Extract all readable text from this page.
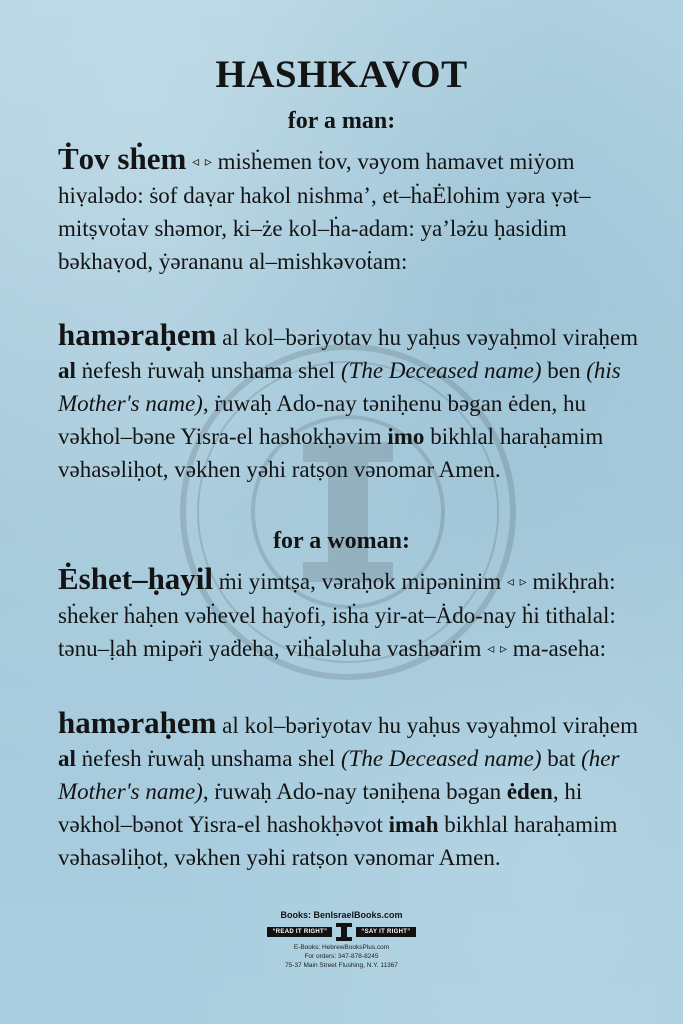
HASHKAVOT
for a man:
Ṫov sḣem ◃ ▹ misḣemen ṫov, vəyom hamavet miẏom hiṿalədo: ṡof daṿar hakol nishma’, et–ḣaĖlohim yəra ṿət–mitṣvoṫav shəmor, ki–że kol–ḣa-adam: ya’ləżu ḥasidim bəkhaṿod, ẏərananu al–mishkəvoṫam:
haməraḥem al kol–bəriyotav hu yaḥus vəyaḥmol viraḥem al ṅefesh ṙuwaḥ unshama shel (The Deceased name) ben (his Mother's name), ṙuwaḥ Ado-nay təniḥenu bəgan ėden, hu vəkhol–bəne Yisra-el hashokḥəvim imo bikhlal haraḥamim vəhasəliḥot, vəkhen yəhi ratṣon vənomar Amen.
for a woman:
Ėshet–ḥayil ṁi yimtṣa, vəraḥok mipəninim ◃ ▹ mikḥrah: sḣeker ḣaḥen vəḣevel haẏofi, isḣa yir-at–Ȧdo-nay ḣi tithalal: tənu–ḷah mipəṙi yaḋeha, viḣaləluha vashəaṙim ◃ ▹ ma-aseha:
haməraḥem al kol–bəriyotav hu yaḥus vəyaḥmol viraḥem al ṅefesh ṙuwaḥ unshama shel (The Deceased name) bat (her Mother's name), ṙuwaḥ Ado-nay təniḥena bəgan ėden, hi vəkhol–bənot Yisra-el hashokḥəvot imah bikhlal haraḥamim vəhasəliḥot, vəkhen yəhi ratṣon vənomar Amen.
Books: BenIsraelBooks.com
“READ IT RIGHT”	“SAY IT RIGHT”
E-Books: HebrewBooksPlus.com
For orders: 347-878-8245
75-37 Main Street Flushing, N.Y. 11367
